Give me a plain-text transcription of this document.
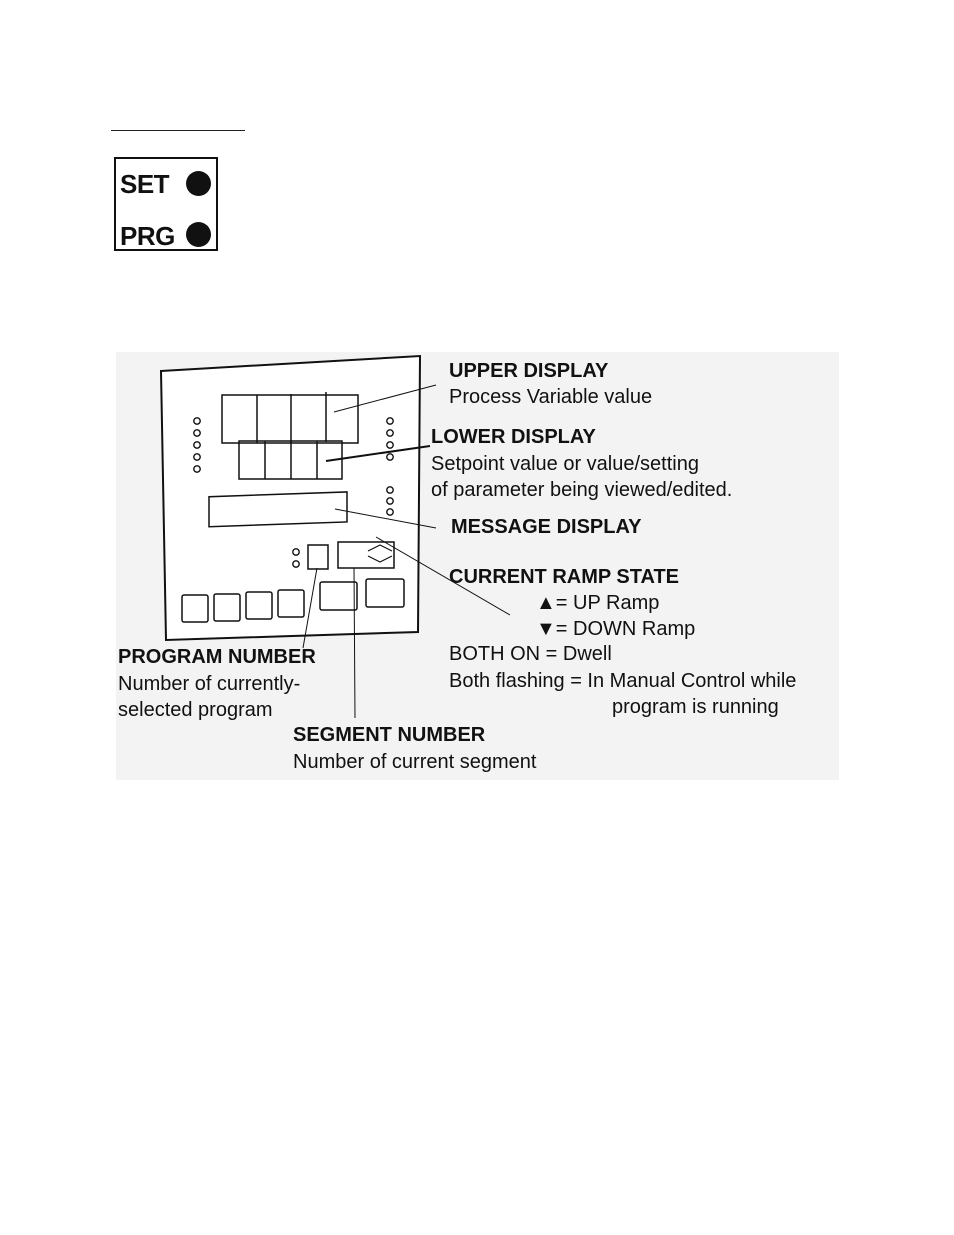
SET
PRG
UPPER DISPLAY
Process Variable value
LOWER DISPLAY
Setpoint value or value/setting
of parameter being viewed/edited.
MESSAGE DISPLAY
CURRENT RAMP STATE
▲= UP Ramp
▼= DOWN Ramp
BOTH ON = Dwell
Both flashing = In Manual Control while
program is running
PROGRAM NUMBER
Number of currently-
selected program
SEGMENT NUMBER
Number of current segment
